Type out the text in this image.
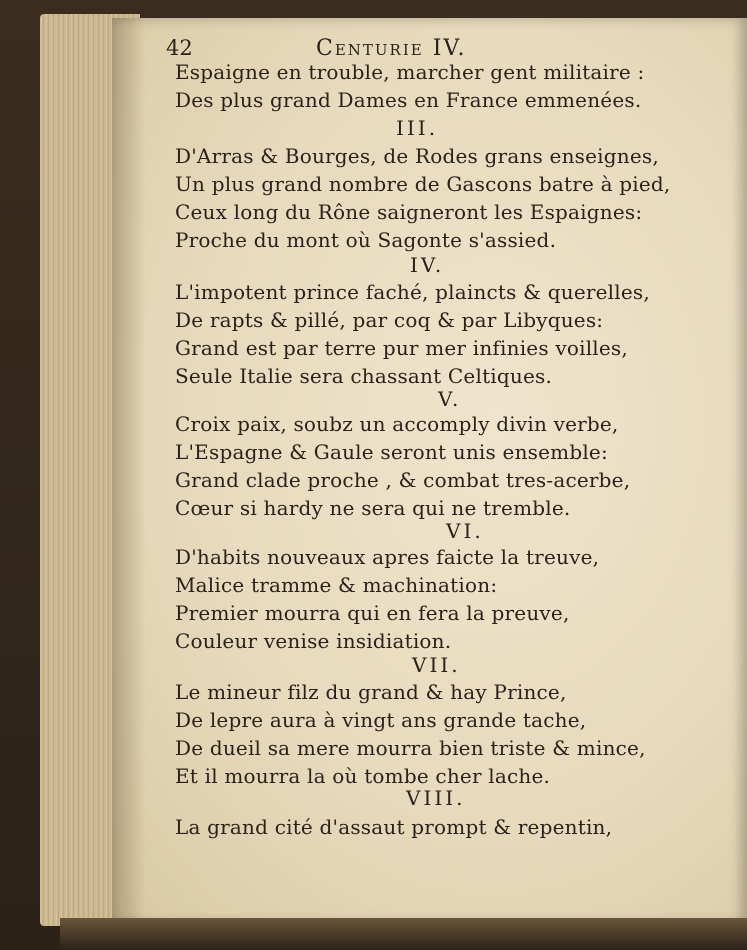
42	Centurie IV.
Espaigne en trouble, marcher gent militaire :
Des plus grand Dames en France emmenées.
III.
D'Arras & Bourges, de Rodes grans enseignes,
Un plus grand nombre de Gascons batre à pied,
Ceux long du Rône saigneront les Espaignes:
Proche du mont où Sagonte s'assied.
IV.
L'impotent prince faché, plaincts & querelles,
De rapts & pillé, par coq & par Libyques:
Grand est par terre pur mer infinies voilles,
Seule Italie sera chassant Celtiques.
V.
Croix paix, soubz un accomply divin verbe,
L'Espagne & Gaule seront unis ensemble:
Grand clade proche , & combat tres-acerbe,
Cœur si hardy ne sera qui ne tremble.
VI.
D'habits nouveaux apres faicte la treuve,
Malice tramme & machination:
Premier mourra qui en fera la preuve,
Couleur venise insidiation.
VII.
Le mineur filz du grand & hay Prince,
De lepre aura à vingt ans grande tache,
De dueil sa mere mourra bien triste & mince,
Et il mourra la où tombe cher lache.
VIII.
La grand cité d'assaut prompt & repentin,
